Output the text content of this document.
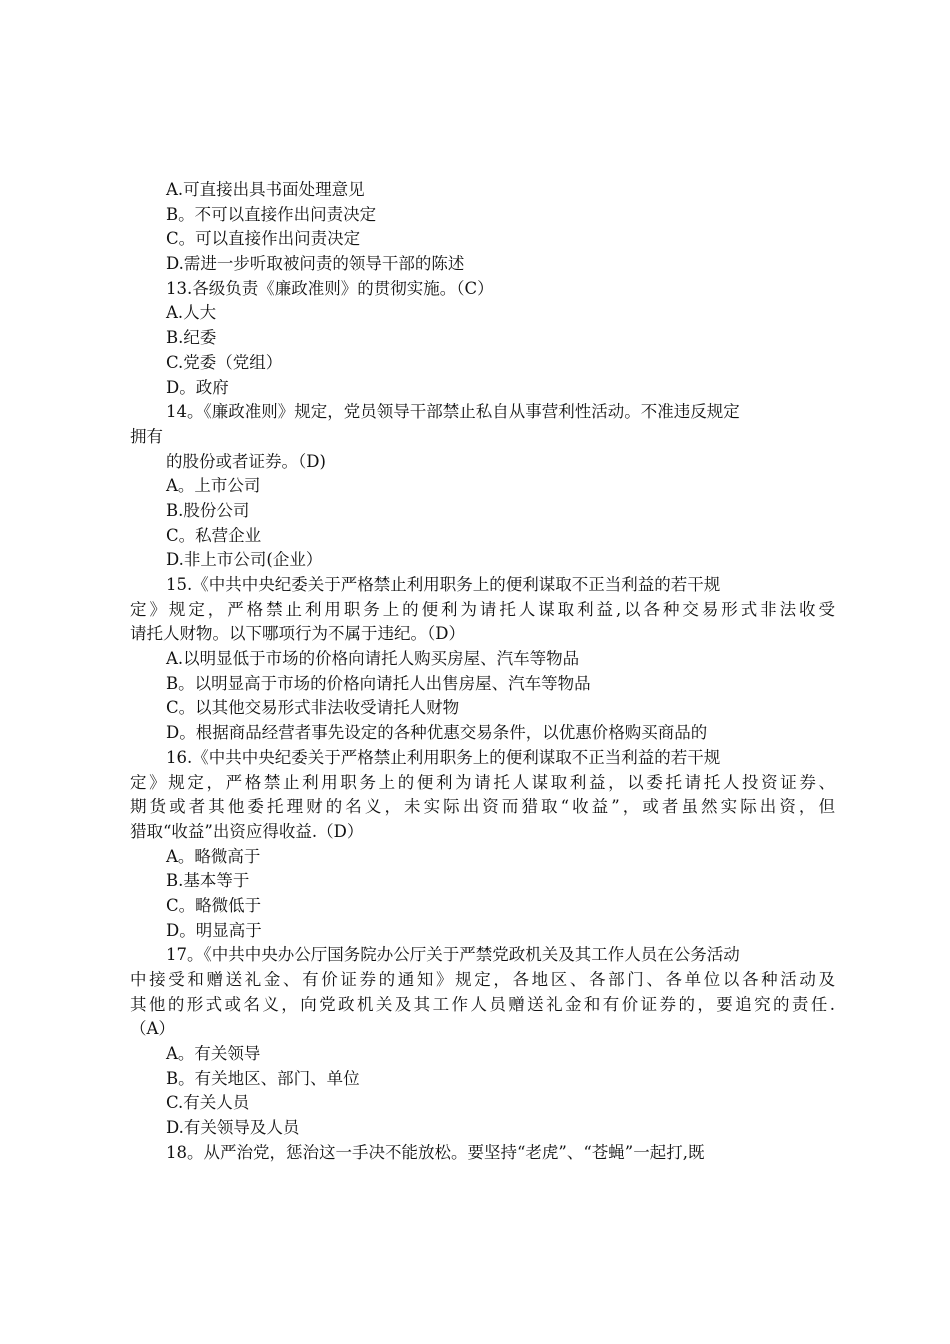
A.可直接出具书面处理意见
B。不可以直接作出问责决定
C。可以直接作出问责决定
D.需进一步听取被问责的领导干部的陈述
13.各级负责《廉政准则》的贯彻实施。（C）
A.人大
B.纪委
C.党委（党组）
D。政府
14。《廉政准则》规定，党员领导干部禁止私自从事营利性活动。不准违反规定
拥有
的股份或者证券。（D)
A。上市公司
B.股份公司
C。私营企业
D.非上市公司(企业）
15.《中共中央纪委关于严格禁止利用职务上的便利谋取不正当利益的若干规
定》规定，严格禁止利用职务上的便利为请托人谋取利益,以各种交易形式非法收受
请托人财物。以下哪项行为不属于违纪。（D）
A.以明显低于市场的价格向请托人购买房屋、汽车等物品
B。以明显高于市场的价格向请托人出售房屋、汽车等物品
C。以其他交易形式非法收受请托人财物
D。根据商品经营者事先设定的各种优惠交易条件，以优惠价格购买商品的
16.《中共中央纪委关于严格禁止利用职务上的便利谋取不正当利益的若干规
定》规定，严格禁止利用职务上的便利为请托人谋取利益，以委托请托人投资证券、
期货或者其他委托理财的名义，未实际出资而猎取“收益”，或者虽然实际出资，但
猎取“收益”出资应得收益.（D）
A。略微高于
B.基本等于
C。略微低于
D。明显高于
17。《中共中央办公厅国务院办公厅关于严禁党政机关及其工作人员在公务活动
中接受和赠送礼金、有价证券的通知》规定，各地区、各部门、各单位以各种活动及
其他的形式或名义，向党政机关及其工作人员赠送礼金和有价证券的，要追究的责任.
（A）
A。有关领导
B。有关地区、部门、单位
C.有关人员
D.有关领导及人员
18。从严治党，惩治这一手决不能放松。要坚持“老虎”、“苍蝇”一起打,既
